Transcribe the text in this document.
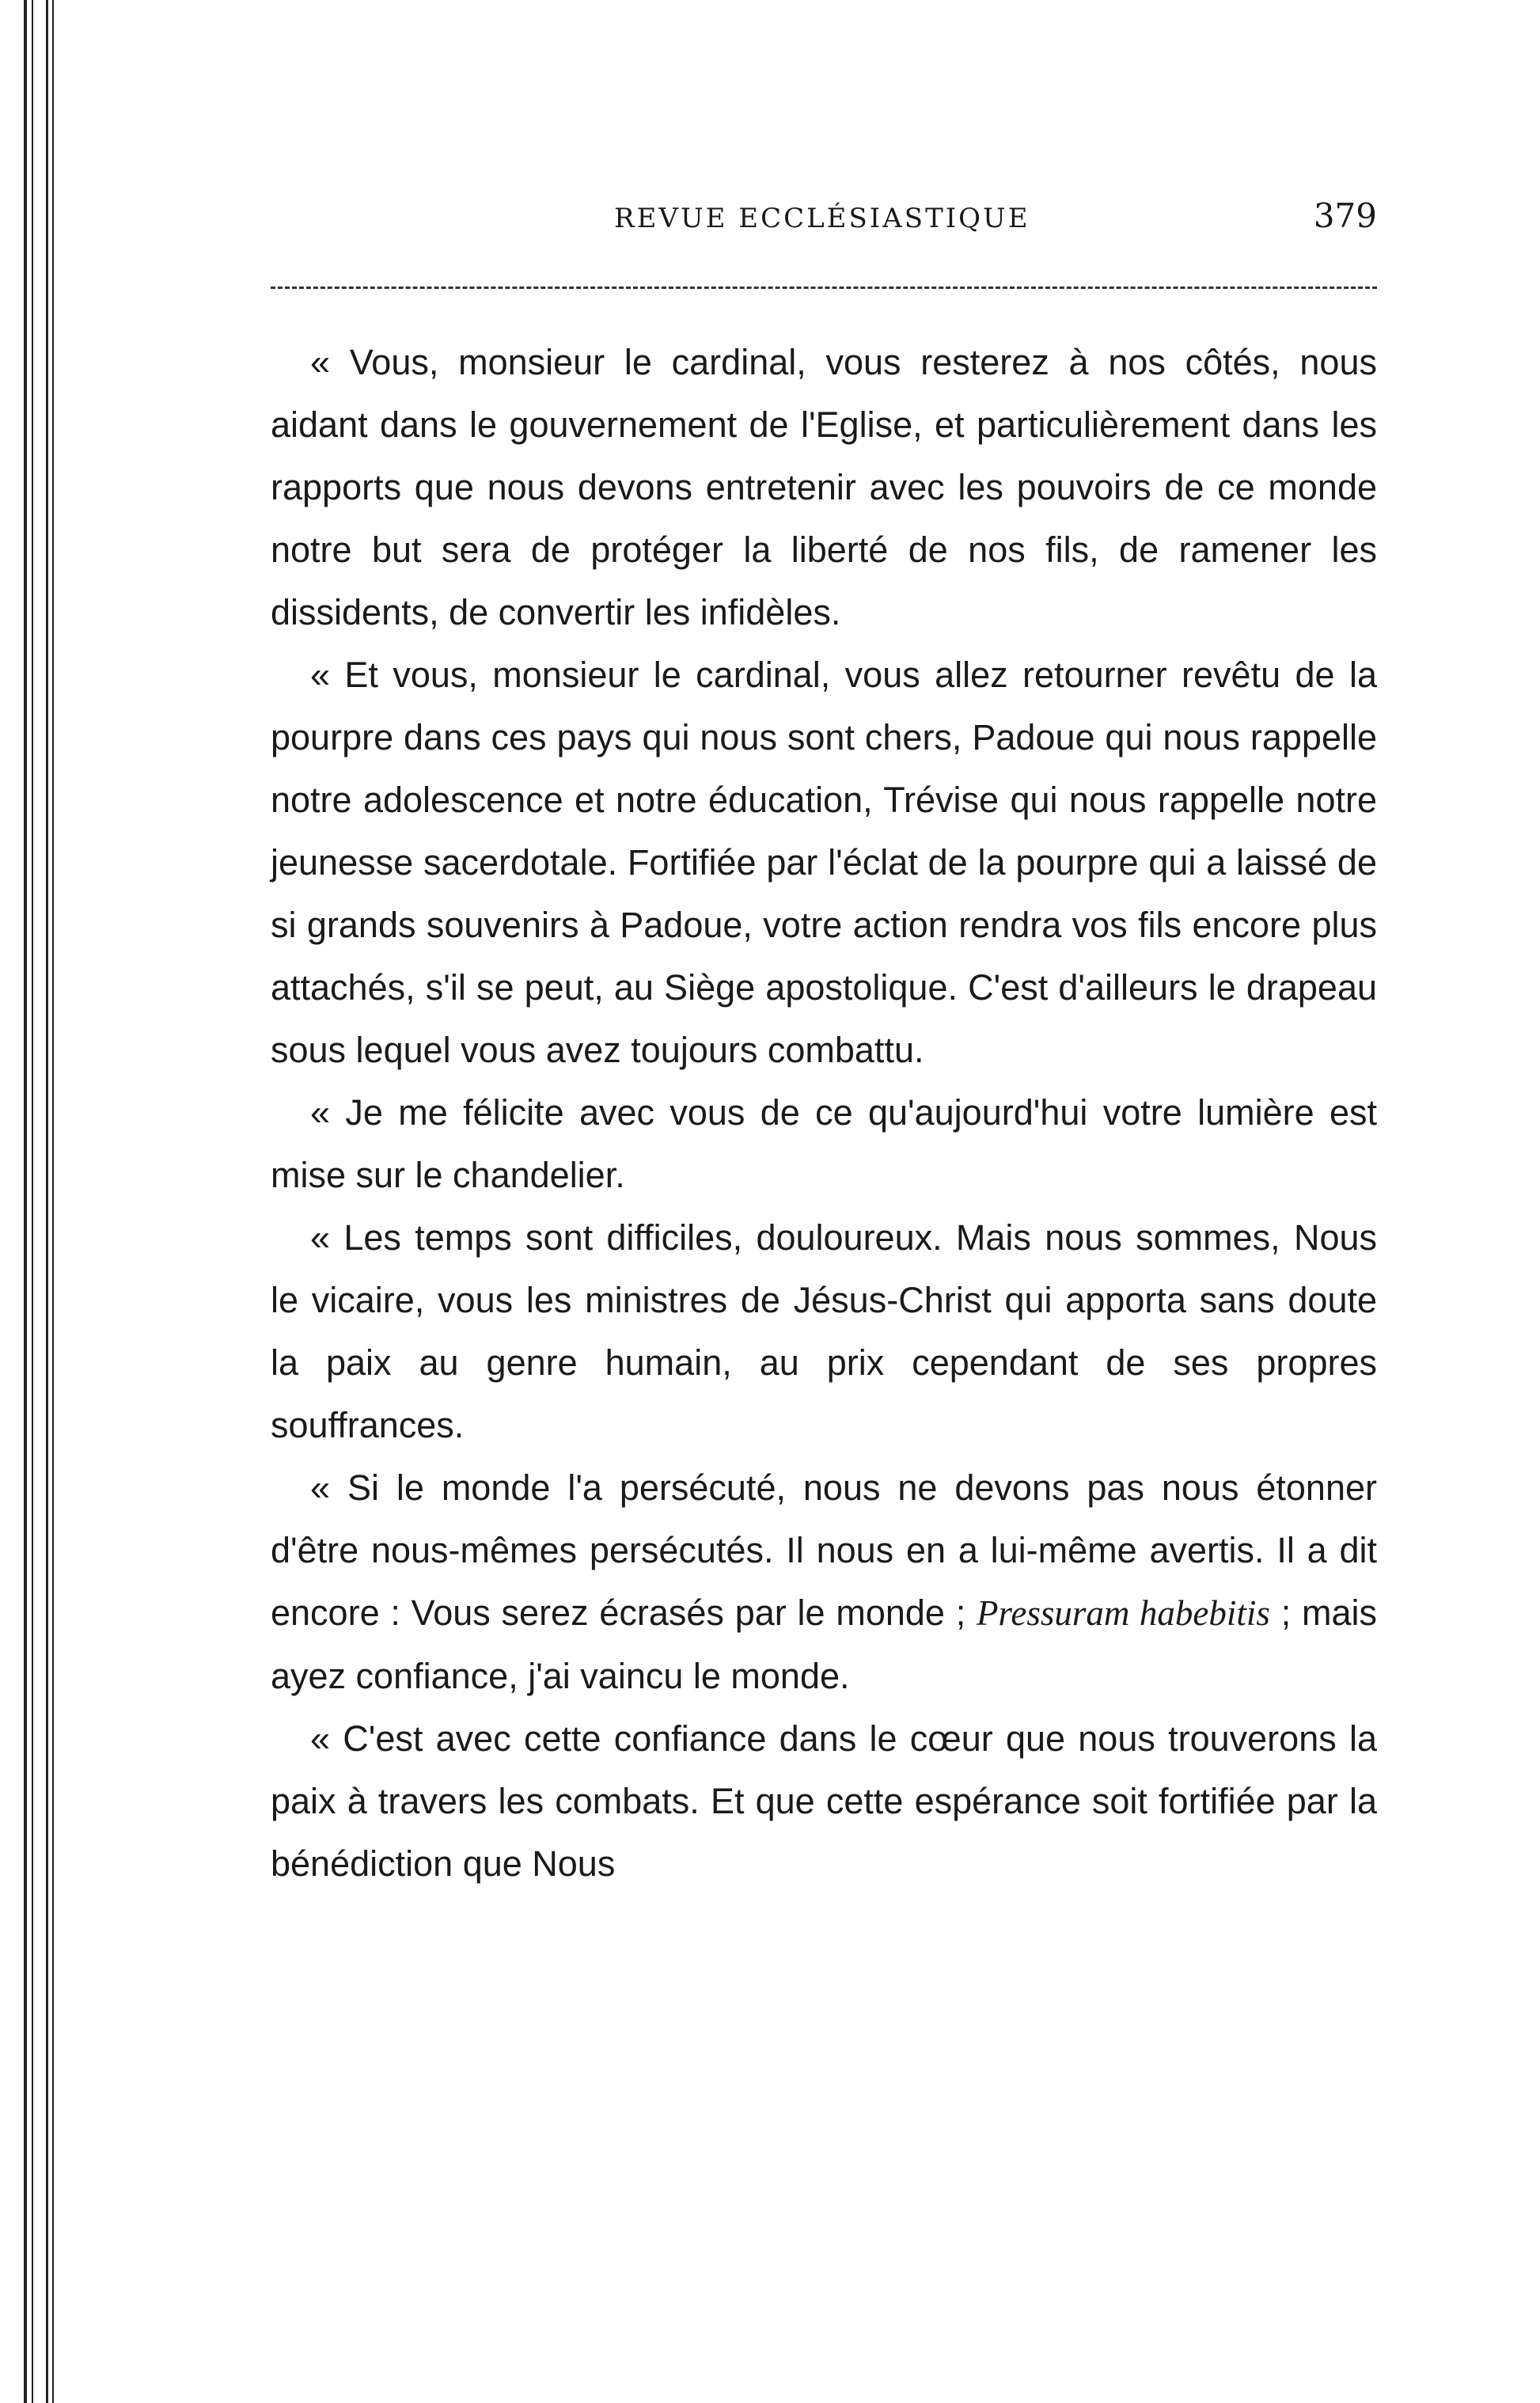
REVUE ECCLÉSIASTIQUE	379

« Vous, monsieur le cardinal, vous resterez à nos côtés, nous aidant dans le gouvernement de l'Eglise, et particulièrement dans les rapports que nous devons entretenir avec les pouvoirs de ce monde notre but sera de protéger la liberté de nos fils, de ramener les dissidents, de convertir les infidèles.

« Et vous, monsieur le cardinal, vous allez retourner revêtu de la pourpre dans ces pays qui nous sont chers, Padoue qui nous rappelle notre adolescence et notre éducation, Trévise qui nous rappelle notre jeunesse sacerdotale. Fortifiée par l'éclat de la pourpre qui a laissé de si grands souvenirs à Padoue, votre action rendra vos fils encore plus attachés, s'il se peut, au Siège apostolique. C'est d'ailleurs le drapeau sous lequel vous avez toujours combattu.

« Je me félicite avec vous de ce qu'aujourd'hui votre lumière est mise sur le chandelier.

« Les temps sont difficiles, douloureux. Mais nous sommes, Nous le vicaire, vous les ministres de Jésus-Christ qui apporta sans doute la paix au genre humain, au prix cependant de ses propres souffrances.

« Si le monde l'a persécuté, nous ne devons pas nous étonner d'être nous-mêmes persécutés. Il nous en a lui-même avertis. Il a dit encore : Vous serez écrasés par le monde ; Pressuram habebitis ; mais ayez confiance, j'ai vaincu le monde.

« C'est avec cette confiance dans le cœur que nous trouverons la paix à travers les combats. Et que cette espérance soit fortifiée par la bénédiction que Nous
